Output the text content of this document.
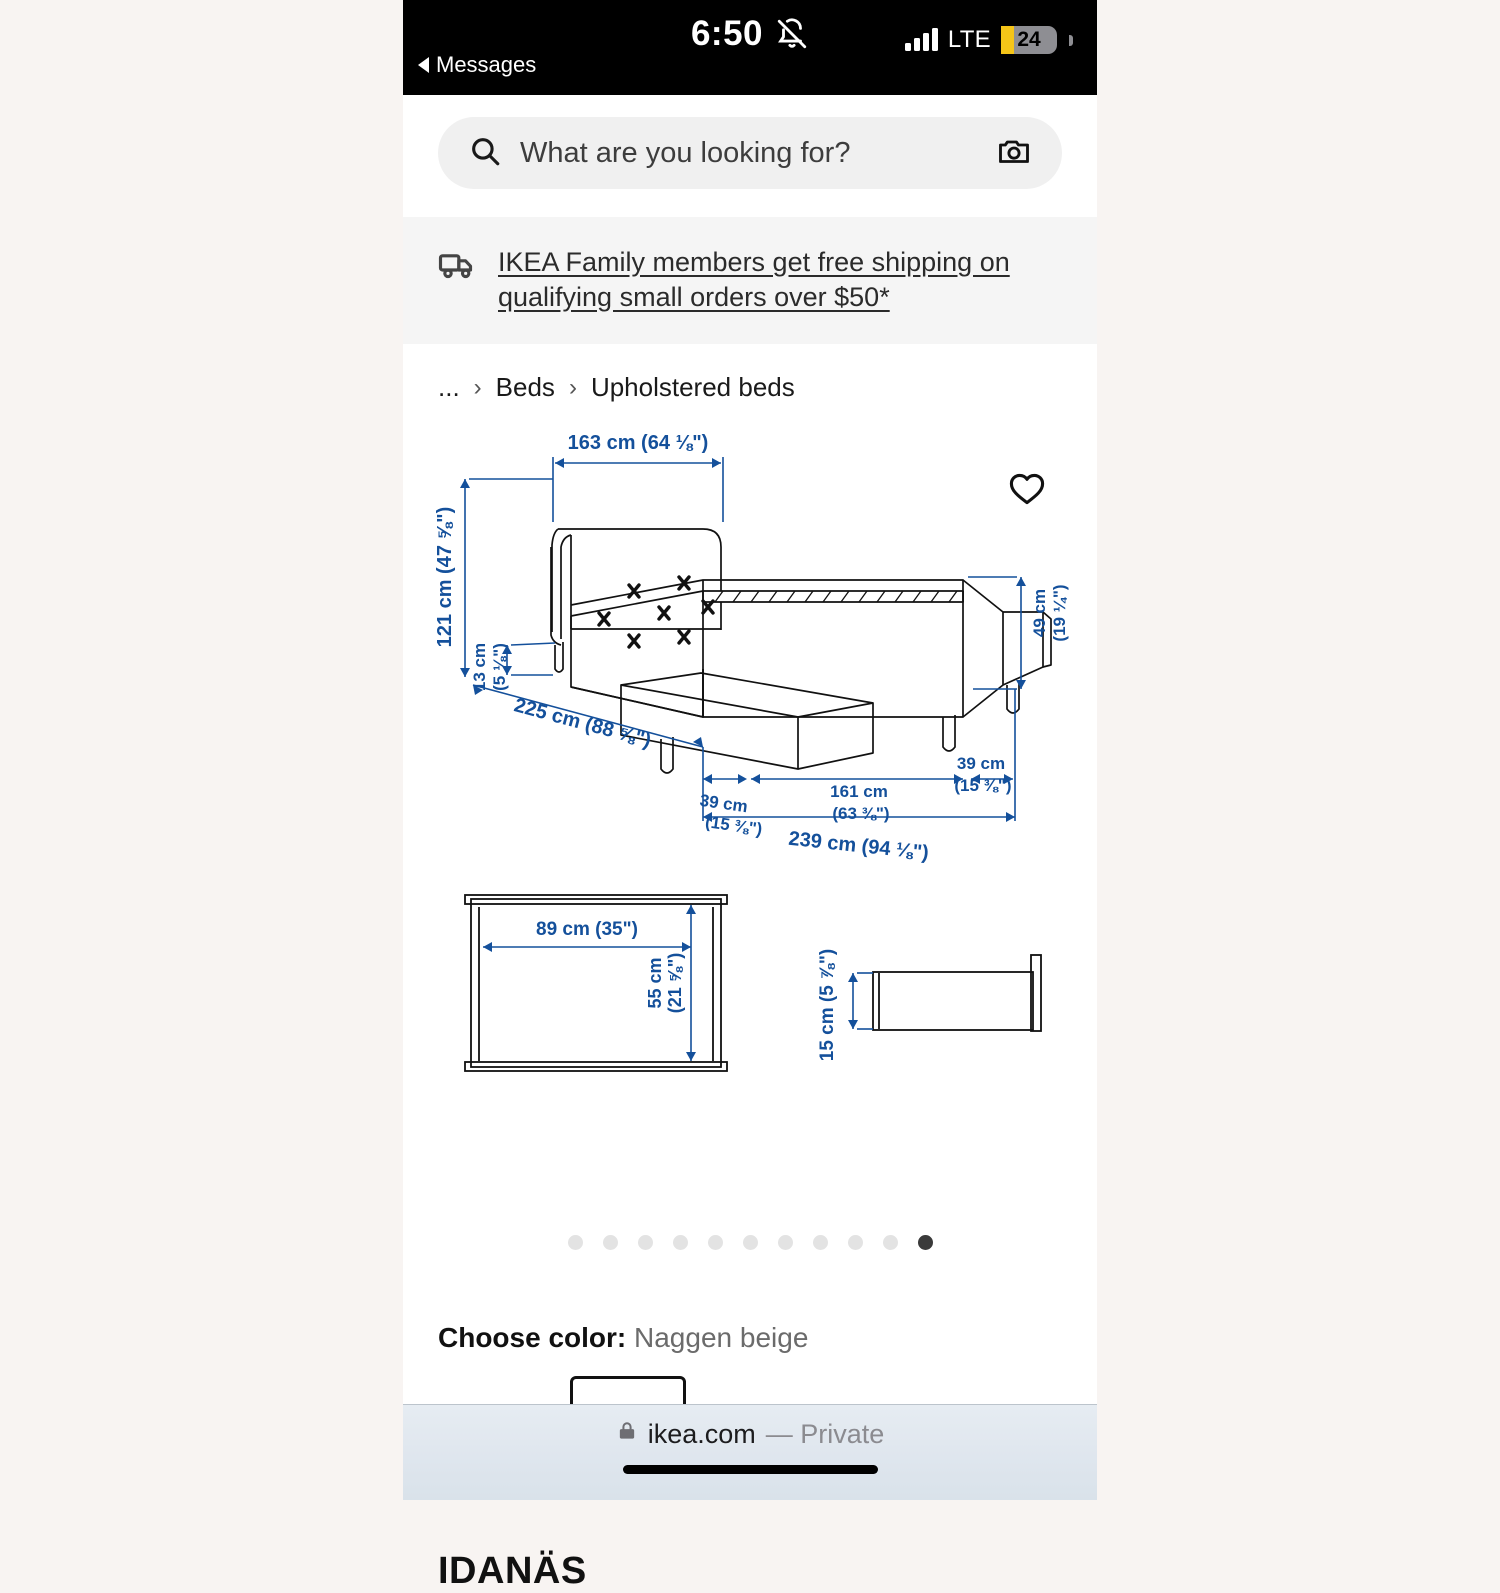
6:50
Messages
LTE	24
What are you looking for?
IKEA Family members get free shipping on qualifying small orders over $50*
... › Beds › Upholstered beds
163 cm (64 ⅛")
121 cm (47 ⅝")
13 cm (5 ⅛")
225 cm (88 ⅝")
49 cm (19 ¼")
39 cm
(15 ⅜")
161 cm
(63 ⅜")
39 cm
(15 ⅜")
239 cm (94 ⅛")
89 cm (35")
55 cm (21 ⅝")	15 cm (5 ⅞")
Choose color: Naggen beige
IDANÄS
ikea.com — Private
